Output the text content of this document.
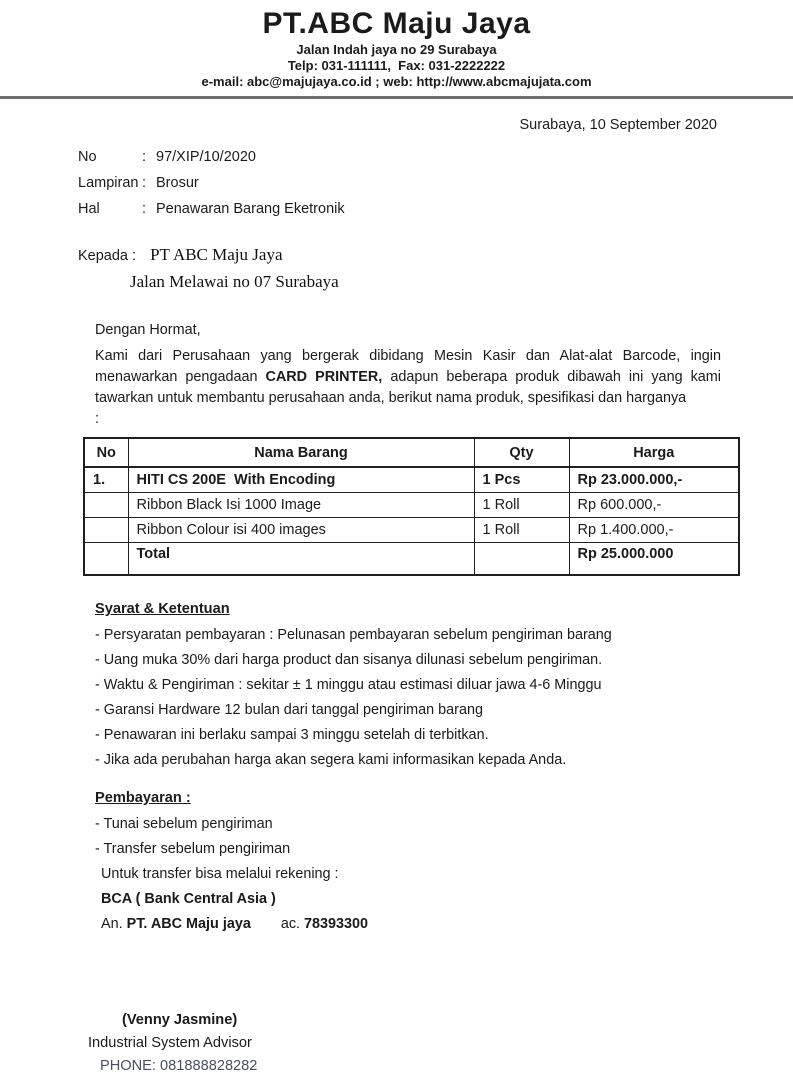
PT.ABC Maju Jaya
Jalan Indah jaya no 29 Surabaya
Telp: 031-111111,  Fax: 031-2222222
e-mail: abc@majujaya.co.id ; web: http://www.abcmajujata.com
Surabaya, 10 September 2020
No	: 97/XIP/10/2020
Lampiran : Brosur
Hal	: Penawaran Barang Eketronik
Kepada : PT ABC Maju Jaya
Jalan Melawai no 07 Surabaya
Dengan Hormat,
Kami dari Perusahaan yang bergerak dibidang Mesin Kasir dan Alat-alat Barcode, ingin menawarkan pengadaan CARD PRINTER, adapun beberapa produk dibawah ini yang kami tawarkan untuk membantu perusahaan anda, berikut nama produk, spesifikasi dan harganya
:
No	Nama Barang	Qty	Harga
1.	HITI CS 200E  With Encoding	1 Pcs	Rp 23.000.000,-
	Ribbon Black Isi 1000 Image	1 Roll	Rp 600.000,-
	Ribbon Colour isi 400 images	1 Roll	Rp 1.400.000,-
	Total		Rp 25.000.000
Syarat & Ketentuan
- Persyaratan pembayaran : Pelunasan pembayaran sebelum pengiriman barang
- Uang muka 30% dari harga product dan sisanya dilunasi sebelum pengiriman.
- Waktu & Pengiriman : sekitar ± 1 minggu atau estimasi diluar jawa 4-6 Minggu
- Garansi Hardware 12 bulan dari tanggal pengiriman barang
- Penawaran ini berlaku sampai 3 minggu setelah di terbitkan.
- Jika ada perubahan harga akan segera kami informasikan kepada Anda.
Pembayaran :
- Tunai sebelum pengiriman
- Transfer sebelum pengiriman
Untuk transfer bisa melalui rekening :
BCA ( Bank Central Asia )
An. PT. ABC Maju jaya ac. 78393300
(Venny Jasmine)
Industrial System Advisor
PHONE: 081888828282
